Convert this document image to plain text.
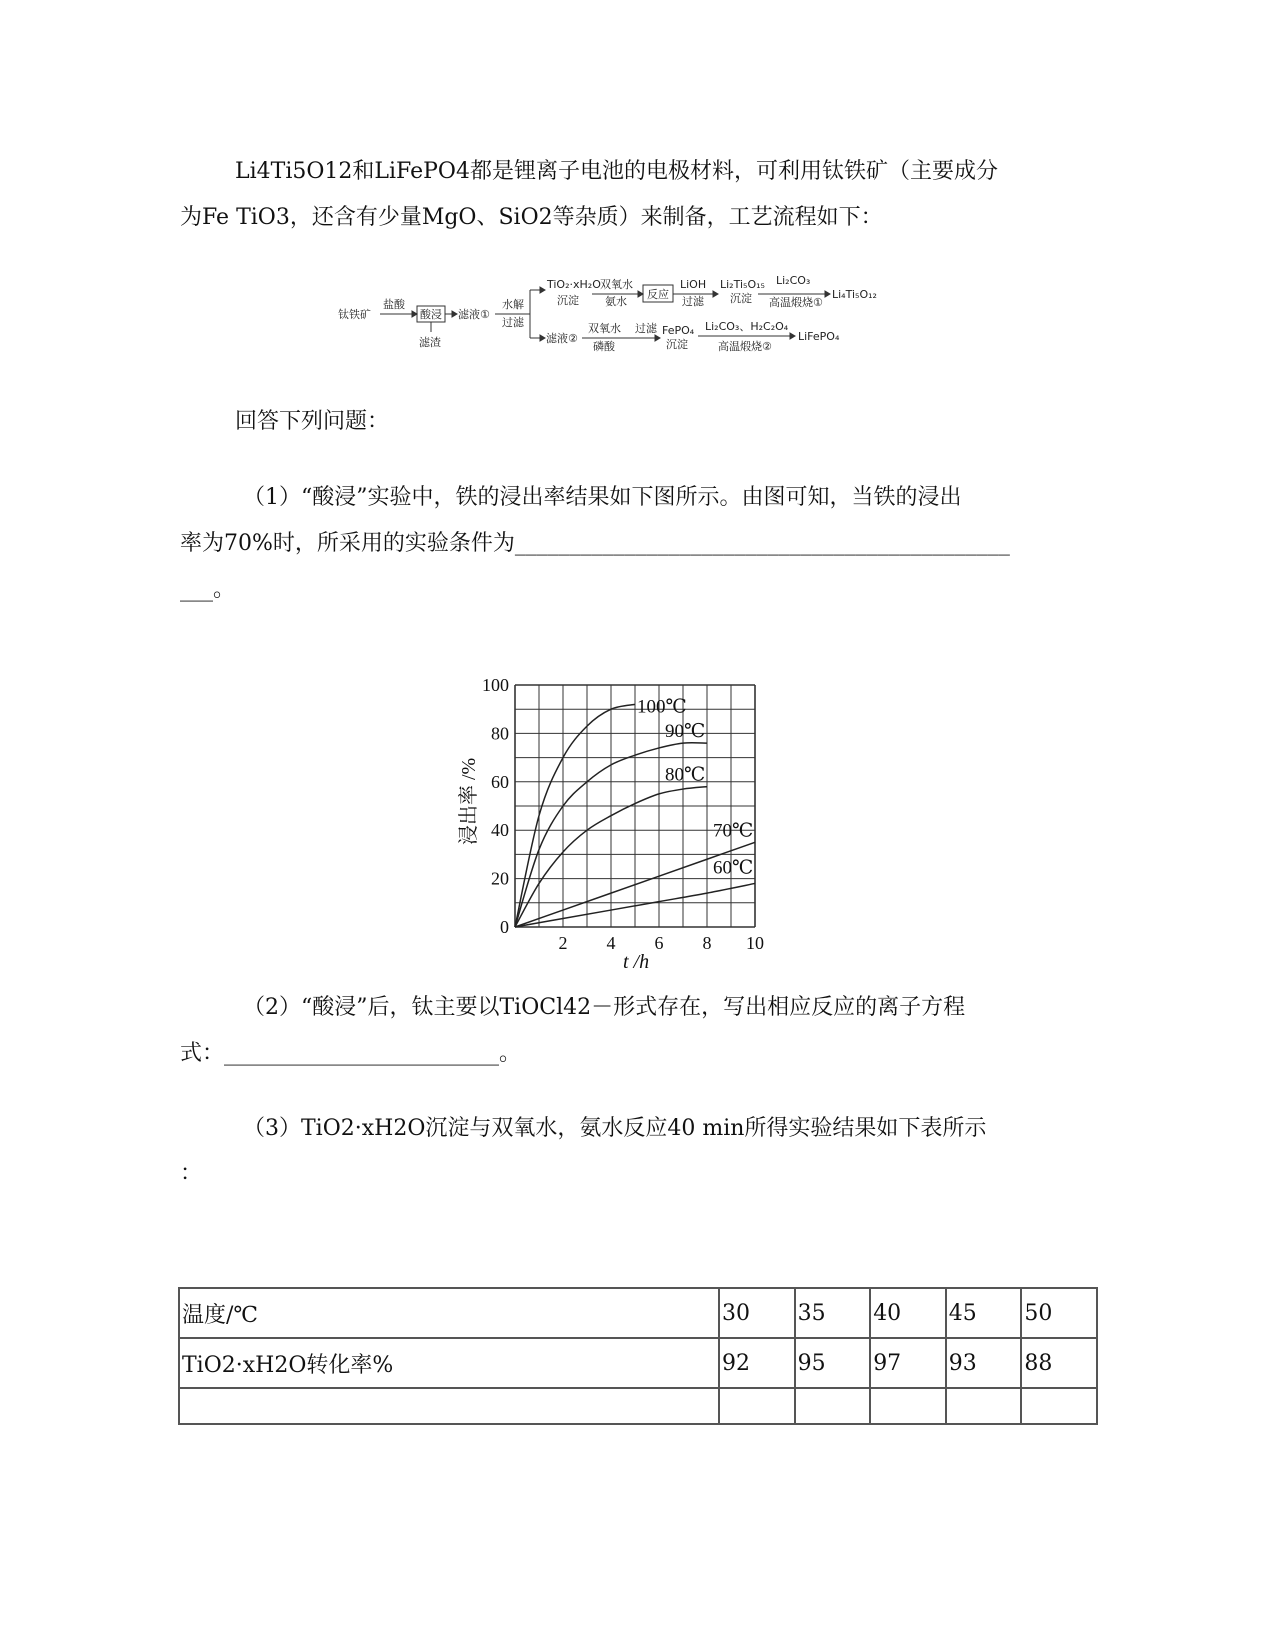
Li4Ti5O12和LiFePO4都是锂离子电池的电极材料，可利用钛铁矿（主要成分
为Fe TiO3，还含有少量MgO、SiO2等杂质）来制备，工艺流程如下：
钛铁矿
盐酸
酸浸
滤渣
滤液①
水解
过滤
TiO₂·xH₂O
沉淀
双氧水
氨水
反应
LiOH
过滤
Li₂Ti₅O₁₅
沉淀
Li₂CO₃
高温煅烧①
Li₄Ti₅O₁₂
滤液②
双氧水
磷酸
过滤 FePO₄
沉淀
Li₂CO₃、H₂C₂O₄
高温煅烧②
LiFePO₄
回答下列问题：
（1）“酸浸”实验中，铁的浸出率结果如下图所示。由图可知，当铁的浸出
率为70%时，所采用的实验条件为_____________________________________________
___。
100℃
90℃
80℃
70℃
60℃
2 4 6 8 10
0
20
40
60
80
100
t /h
浸出率 /%
（2）“酸浸”后，钛主要以TiOCl42－形式存在，写出相应反应的离子方程
式：_________________________。
（3）TiO2·xH2O沉淀与双氧水，氨水反应40 min所得实验结果如下表所示
：
温度/℃	30	35	40	45	50
TiO2·xH2O转化率%	92	95	97	93	88
